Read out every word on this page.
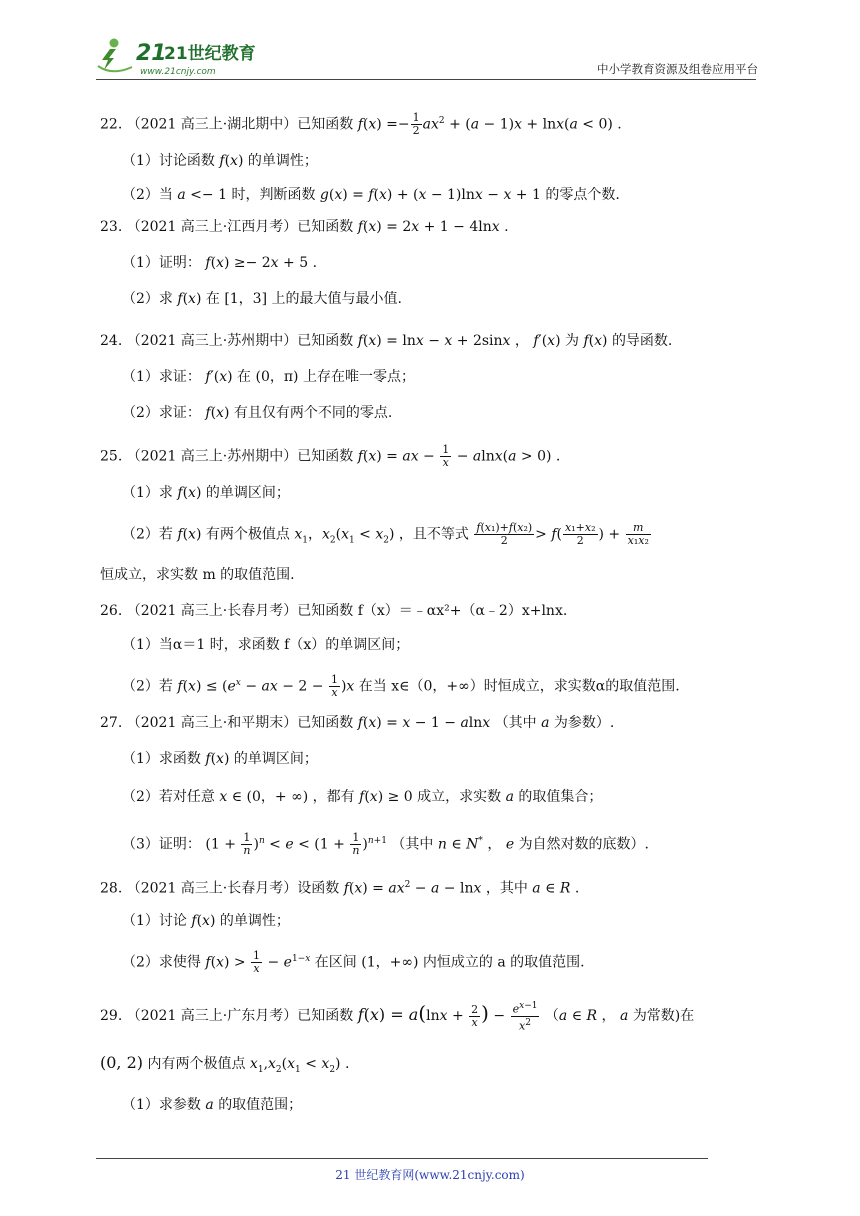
21
21世纪教育
www.21cnjy.com	中小学教育资源及组卷应用平台
22. （2021 高三上·湖北期中）已知函数 $f(x) =- \frac{1}{2} ax^2 + (a - 1)x + \ln x(a < 0)$ .
（1）讨论函数 f(x) 的单调性；
（2）当 a <− 1 时，判断函数 g(x) = f(x) + (x − 1)lnx − x + 1 的零点个数.
23. （2021 高三上·江西月考）已知函数 f(x) = 2x + 1 − 4lnx .
（1）证明： f(x) ≥− 2x + 5 .
（2）求 f(x) 在 [1，3] 上的最大值与最小值.
24. （2021 高三上·苏州期中）已知函数 f(x) = lnx − x + 2sinx ， f′(x) 为 f(x) 的导函数.
（1）求证： f′(x) 在 (0，π) 上存在唯一零点；
（2）求证： f(x) 有且仅有两个不同的零点.
25. （2021 高三上·苏州期中）已知函数 f(x) = ax − $\frac{1}{x} - alnx(a > 0)$ .
（1）求 f(x) 的单调区间；
（2）若 f(x) 有两个极值点 $x_1$，$x_2(x_1 < x_2)$ ，且不等式 $\frac{\text{f(x₁)+f(x₂)}}{2} > f( \frac{\text{x₁+x₂}}{2}$ ) + $\frac{m}{\text{x₁x₂}}$
恒成立，求实数 m 的取值范围.
26. （2021 高三上·长春月考）已知函数 f（x）＝﹣αx²+（α﹣2）x+lnx.
（1）当α＝1 时，求函数 f（x）的单调区间；
（2）若 $f(x) \le (e^x$ − ax − $2 - \frac{1}{x} )x$ 在当 x∈（0，+∞）时恒成立，求实数α的取值范围.
27. （2021 高三上·和平期末）已知函数 f(x) = x − 1 − alnx （其中 a 为参数）.
（1）求函数 f(x) 的单调区间；
（2）若对任意 x ∈ (0，+ ∞) ，都有 f(x) ≥ 0 成立，求实数 a 的取值集合；
（3）证明： $(1 + \frac{1}{n} )^n < e < (1 + \frac{1}{n} )^{n+1}$ （其中 n ∈ N* ， e 为自然对数的底数）.
28. （2021 高三上·长春月考）设函数 $f(x) = ax^2 - a - \ln x$ ，其中 a ∈ R .
（1）讨论 f(x) 的单调性；
（2）求使得 $f(x) > \frac{1}{x} - e^{1-x}$ 在区间 (1，+∞) 内恒成立的 a 的取值范围.
29. （2021 高三上·广东月考）已知函数 $f(x) = a(\ln x + \frac{2}{x}$ ) − $\frac{e^{x-1}}{x^2} (a$ ∈ R ， a 为常数)在
(0, 2) 内有两个极值点 $x_1,x_2(x_1 < x_2)$ .
（1）求参数 a 的取值范围；
21 世纪教育网(www.21cnjy.com)
